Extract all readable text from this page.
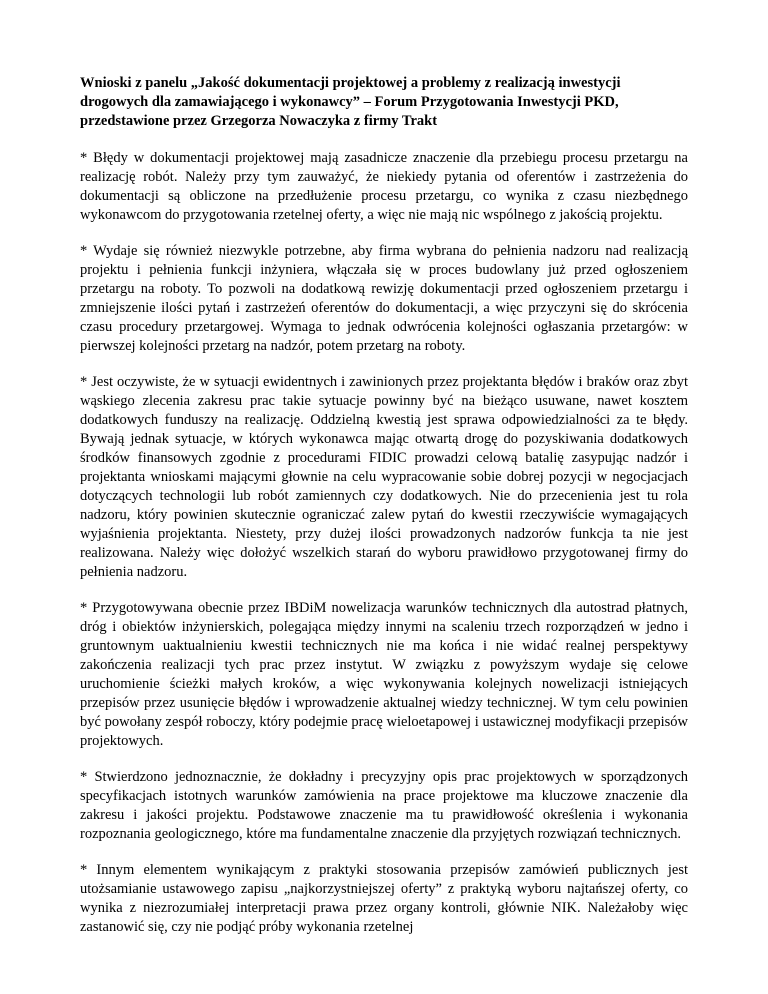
Wnioski z panelu „Jakość dokumentacji projektowej a problemy z realizacją inwestycji drogowych dla zamawiającego i wykonawcy” – Forum Przygotowania Inwestycji PKD, przedstawione przez Grzegorza Nowaczyka z firmy Trakt

* Błędy w dokumentacji projektowej mają zasadnicze znaczenie dla przebiegu procesu przetargu na realizację robót. Należy przy tym zauważyć, że niekiedy pytania od oferentów i zastrzeżenia do dokumentacji są obliczone na przedłużenie procesu przetargu, co wynika z czasu niezbędnego wykonawcom do przygotowania rzetelnej oferty, a więc nie mają nic wspólnego z jakością projektu.

* Wydaje się również niezwykle potrzebne, aby firma wybrana do pełnienia nadzoru nad realizacją projektu i pełnienia funkcji inżyniera, włączała się w proces budowlany już przed ogłoszeniem przetargu na roboty. To pozwoli na dodatkową rewizję dokumentacji przed ogłoszeniem przetargu i zmniejszenie ilości pytań i zastrzeżeń oferentów do dokumentacji, a więc przyczyni się do skrócenia czasu procedury przetargowej. Wymaga to jednak odwrócenia kolejności ogłaszania przetargów: w pierwszej kolejności przetarg na nadzór, potem przetarg na roboty.

* Jest oczywiste, że w sytuacji ewidentnych i zawinionych przez projektanta błędów i braków oraz zbyt wąskiego zlecenia zakresu prac takie sytuacje powinny być na bieżąco usuwane, nawet kosztem dodatkowych funduszy na realizację. Oddzielną kwestią jest sprawa odpowiedzialności za te błędy. Bywają jednak sytuacje, w których wykonawca mając otwartą drogę do pozyskiwania dodatkowych środków finansowych zgodnie z procedurami FIDIC prowadzi celową batalię zasypując nadzór i projektanta wnioskami mającymi głownie na celu wypracowanie sobie dobrej pozycji w negocjacjach dotyczących technologii lub robót zamiennych czy dodatkowych. Nie do przecenienia jest tu rola nadzoru, który powinien skutecznie ograniczać zalew pytań do kwestii rzeczywiście wymagających wyjaśnienia projektanta. Niestety, przy dużej ilości prowadzonych nadzorów funkcja ta nie jest realizowana. Należy więc dołożyć wszelkich starań do wyboru prawidłowo przygotowanej firmy do pełnienia nadzoru.

* Przygotowywana obecnie przez IBDiM nowelizacja warunków technicznych dla autostrad płatnych, dróg i obiektów inżynierskich, polegająca między innymi na scaleniu trzech rozporządzeń w jedno i gruntownym uaktualnieniu kwestii technicznych nie ma końca i nie widać realnej perspektywy zakończenia realizacji tych prac przez instytut. W związku z powyższym wydaje się celowe uruchomienie ścieżki małych kroków, a więc wykonywania kolejnych nowelizacji istniejących przepisów przez usunięcie błędów i wprowadzenie aktualnej wiedzy technicznej. W tym celu powinien być powołany zespół roboczy, który podejmie pracę wieloetapowej i ustawicznej modyfikacji przepisów projektowych.

* Stwierdzono jednoznacznie, że dokładny i precyzyjny opis prac projektowych w sporządzonych specyfikacjach istotnych warunków zamówienia na prace projektowe ma kluczowe znaczenie dla zakresu i jakości projektu. Podstawowe znaczenie ma tu prawidłowość określenia i wykonania rozpoznania geologicznego, które ma fundamentalne znaczenie dla przyjętych rozwiązań technicznych.

* Innym elementem wynikającym z praktyki stosowania przepisów zamówień publicznych jest utożsamianie ustawowego zapisu „najkorzystniejszej oferty” z praktyką wyboru najtańszej oferty, co wynika z niezrozumiałej interpretacji prawa przez organy kontroli, głównie NIK. Należałoby więc zastanowić się, czy nie podjąć próby wykonania rzetelnej
